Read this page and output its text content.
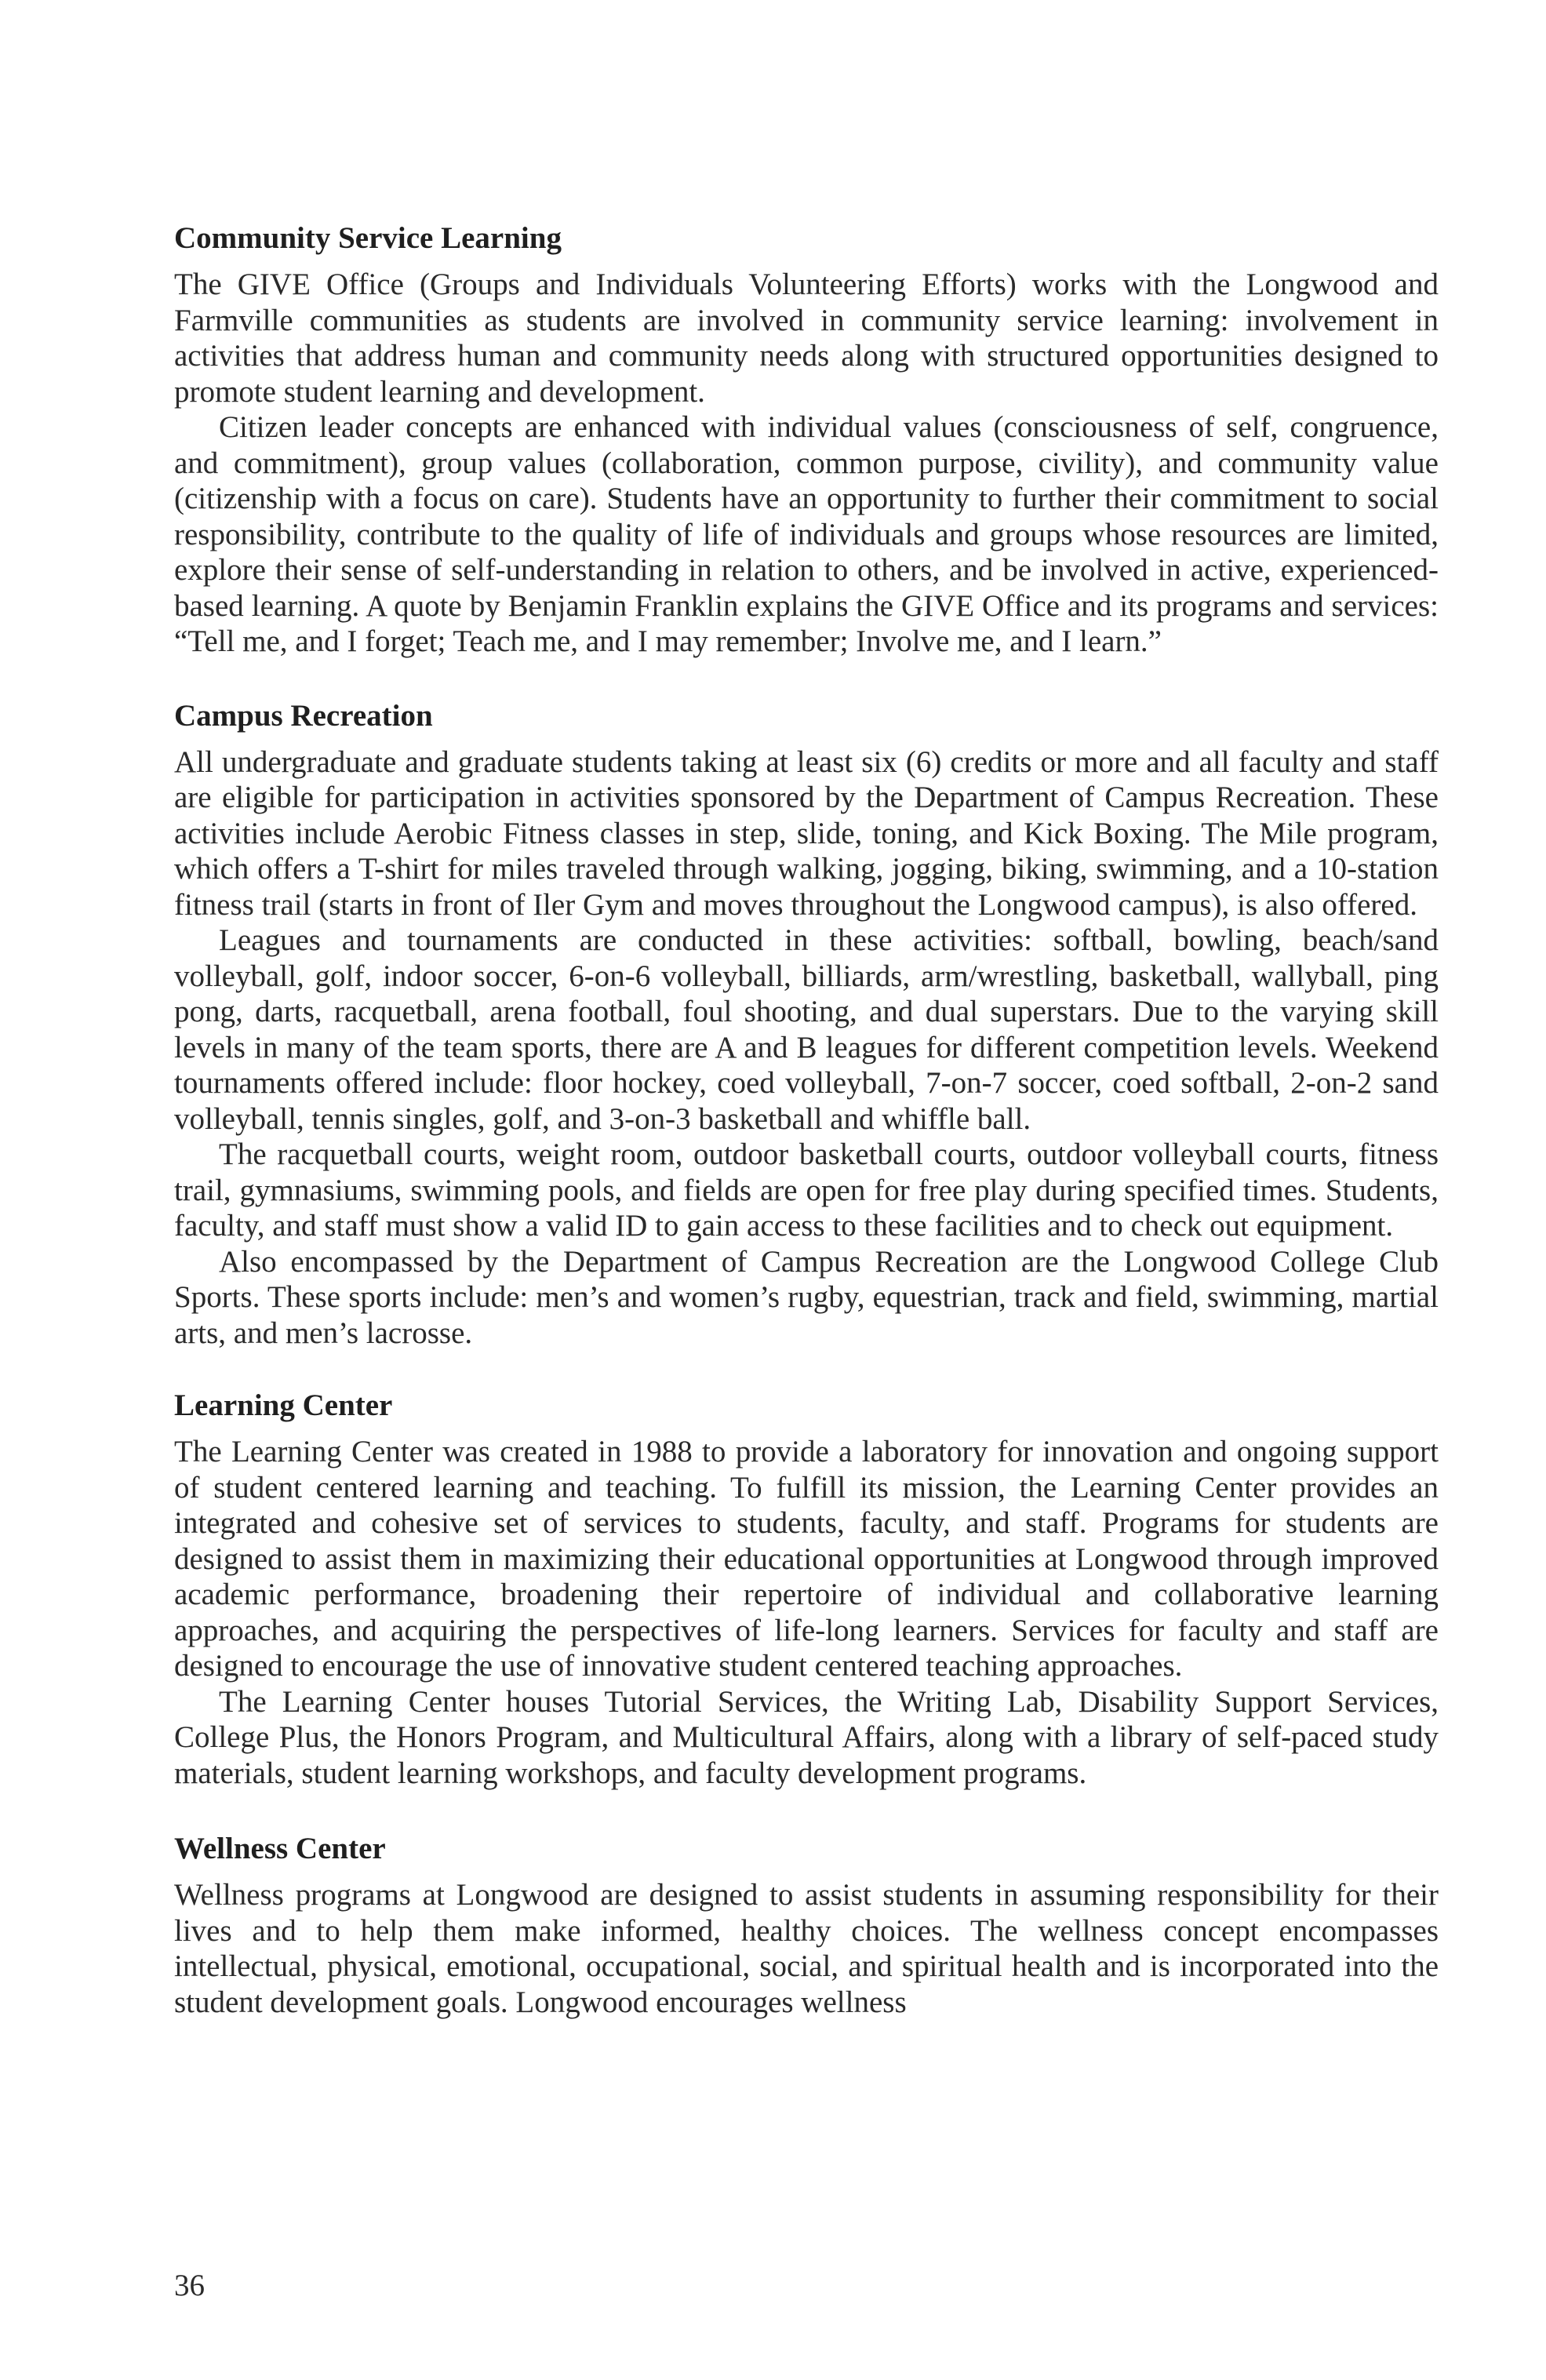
Community Service Learning

The GIVE Office (Groups and Individuals Volunteering Efforts) works with the Longwood and Farmville communities as students are involved in community service learning: involvement in activities that address human and community needs along with structured opportunities designed to promote student learning and development.

Citizen leader concepts are enhanced with individual values (consciousness of self, congruence, and commitment), group values (collaboration, common purpose, civility), and community value (citizenship with a focus on care). Students have an opportunity to further their commitment to social responsibility, contribute to the quality of life of individuals and groups whose resources are limited, explore their sense of self-understanding in relation to others, and be involved in active, experienced-based learning. A quote by Benjamin Franklin explains the GIVE Office and its programs and services: “Tell me, and I forget; Teach me, and I may remember; Involve me, and I learn.”

Campus Recreation

All undergraduate and graduate students taking at least six (6) credits or more and all faculty and staff are eligible for participation in activities sponsored by the Department of Campus Recreation. These activities include Aerobic Fitness classes in step, slide, toning, and Kick Boxing. The Mile program, which offers a T-shirt for miles traveled through walking, jogging, biking, swimming, and a 10-station fitness trail (starts in front of Iler Gym and moves throughout the Longwood campus), is also offered.

Leagues and tournaments are conducted in these activities: softball, bowling, beach/sand volleyball, golf, indoor soccer, 6-on-6 volleyball, billiards, arm/wrestling, basketball, wallyball, ping pong, darts, racquetball, arena football, foul shooting, and dual superstars. Due to the varying skill levels in many of the team sports, there are A and B leagues for different competition levels. Weekend tournaments offered include: floor hockey, coed volleyball, 7-on-7 soccer, coed softball, 2-on-2 sand volleyball, tennis singles, golf, and 3-on-3 basketball and whiffle ball.

The racquetball courts, weight room, outdoor basketball courts, outdoor volleyball courts, fitness trail, gymnasiums, swimming pools, and fields are open for free play during specified times. Students, faculty, and staff must show a valid ID to gain access to these facilities and to check out equipment.

Also encompassed by the Department of Campus Recreation are the Longwood College Club Sports. These sports include: men’s and women’s rugby, equestrian, track and field, swimming, martial arts, and men’s lacrosse.

Learning Center

The Learning Center was created in 1988 to provide a laboratory for innovation and ongoing support of student centered learning and teaching. To fulfill its mission, the Learning Center provides an integrated and cohesive set of services to students, faculty, and staff. Programs for students are designed to assist them in maximizing their educational opportunities at Longwood through improved academic performance, broadening their repertoire of individual and collaborative learning approaches, and acquiring the perspectives of life-long learners. Services for faculty and staff are designed to encourage the use of innovative student centered teaching approaches.

The Learning Center houses Tutorial Services, the Writing Lab, Disability Support Services, College Plus, the Honors Program, and Multicultural Affairs, along with a library of self-paced study materials, student learning workshops, and faculty development programs.

Wellness Center

Wellness programs at Longwood are designed to assist students in assuming responsibility for their lives and to help them make informed, healthy choices. The wellness concept encompasses intellectual, physical, emotional, occupational, social, and spiritual health and is incorporated into the student development goals. Longwood encourages wellness

36
